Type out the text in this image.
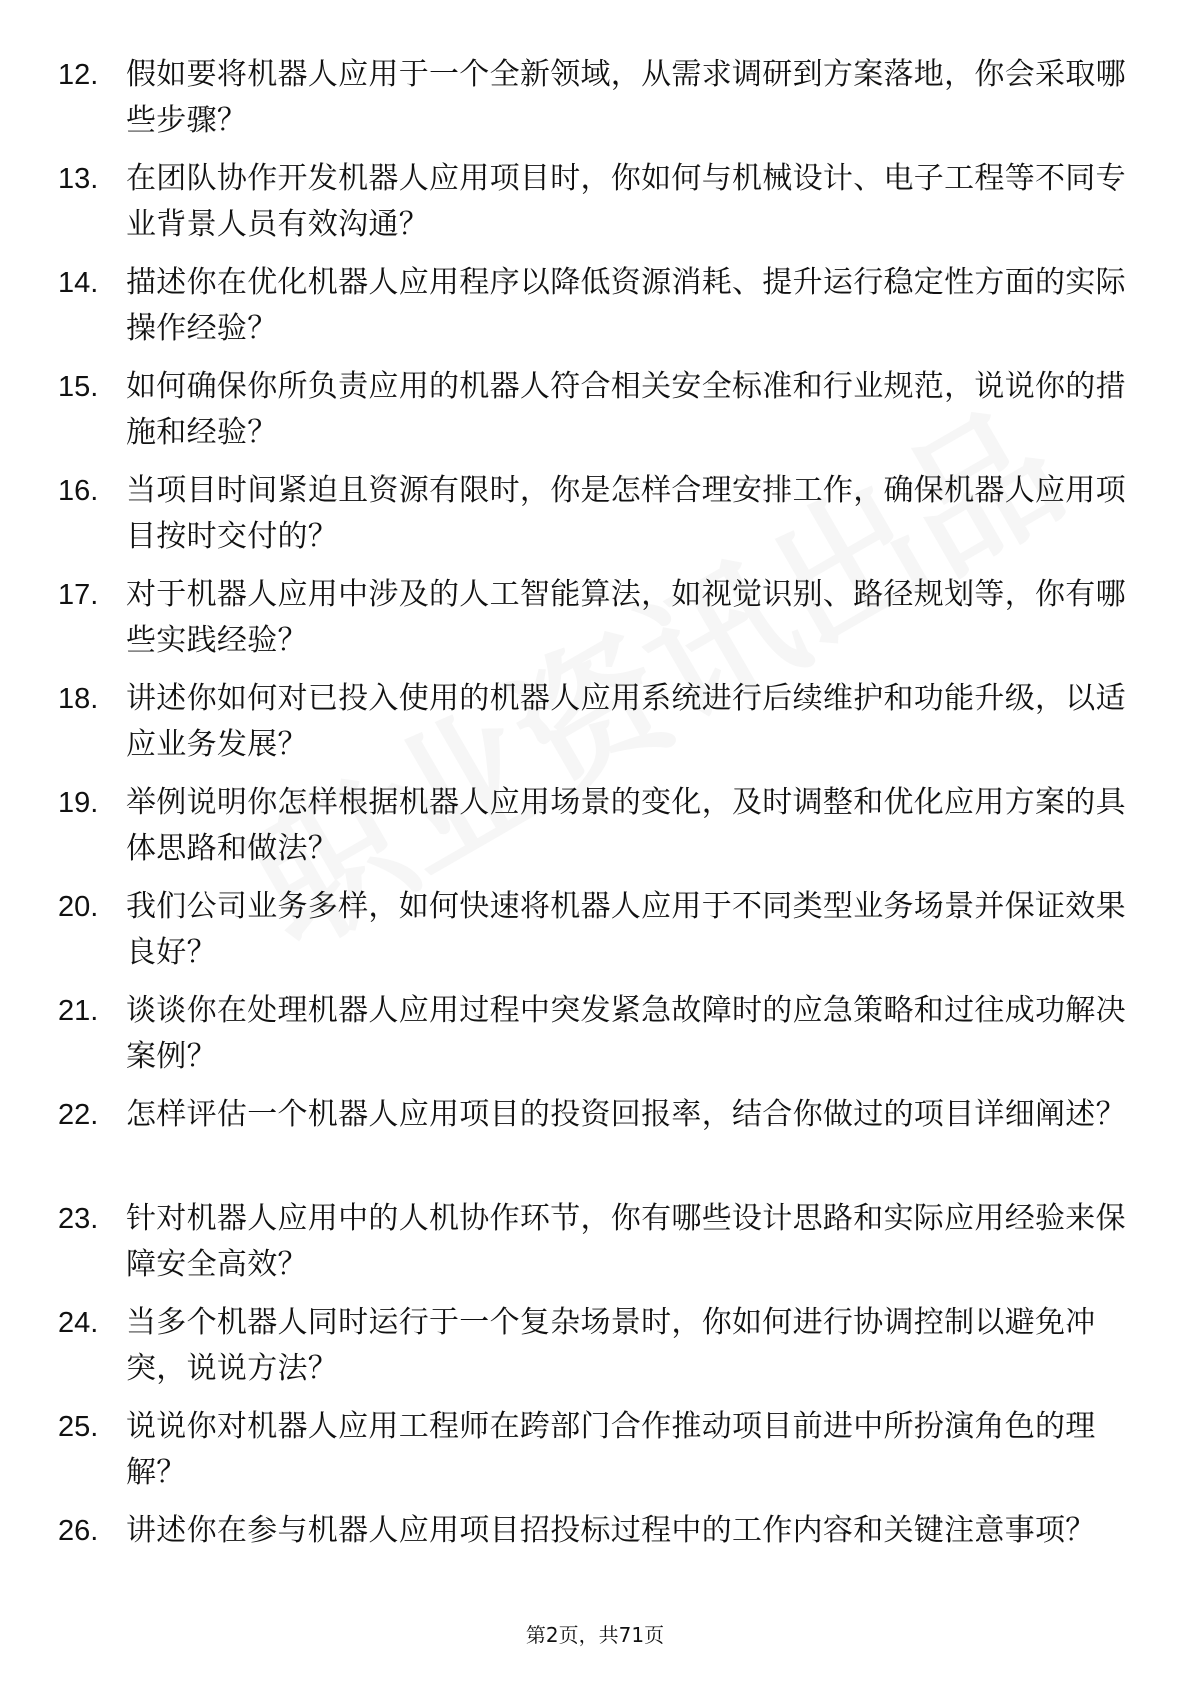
12. 假如要将机器人应用于一个全新领域，从需求调研到方案落地，你会采取哪些步骤？
13. 在团队协作开发机器人应用项目时，你如何与机械设计、电子工程等不同专业背景人员有效沟通？
14. 描述你在优化机器人应用程序以降低资源消耗、提升运行稳定性方面的实际操作经验？
15. 如何确保你所负责应用的机器人符合相关安全标准和行业规范，说说你的措施和经验？
16. 当项目时间紧迫且资源有限时，你是怎样合理安排工作，确保机器人应用项目按时交付的？
17. 对于机器人应用中涉及的人工智能算法，如视觉识别、路径规划等，你有哪些实践经验？
18. 讲述你如何对已投入使用的机器人应用系统进行后续维护和功能升级，以适应业务发展？
19. 举例说明你怎样根据机器人应用场景的变化，及时调整和优化应用方案的具体思路和做法？
20. 我们公司业务多样，如何快速将机器人应用于不同类型业务场景并保证效果良好？
21. 谈谈你在处理机器人应用过程中突发紧急故障时的应急策略和过往成功解决案例？
22. 怎样评估一个机器人应用项目的投资回报率，结合你做过的项目详细阐述？
23. 针对机器人应用中的人机协作环节，你有哪些设计思路和实际应用经验来保障安全高效？
24. 当多个机器人同时运行于一个复杂场景时，你如何进行协调控制以避免冲突，说说方法？
25. 说说你对机器人应用工程师在跨部门合作推动项目前进中所扮演角色的理解？
26. 讲述你在参与机器人应用项目招投标过程中的工作内容和关键注意事项？
第2页，共71页
